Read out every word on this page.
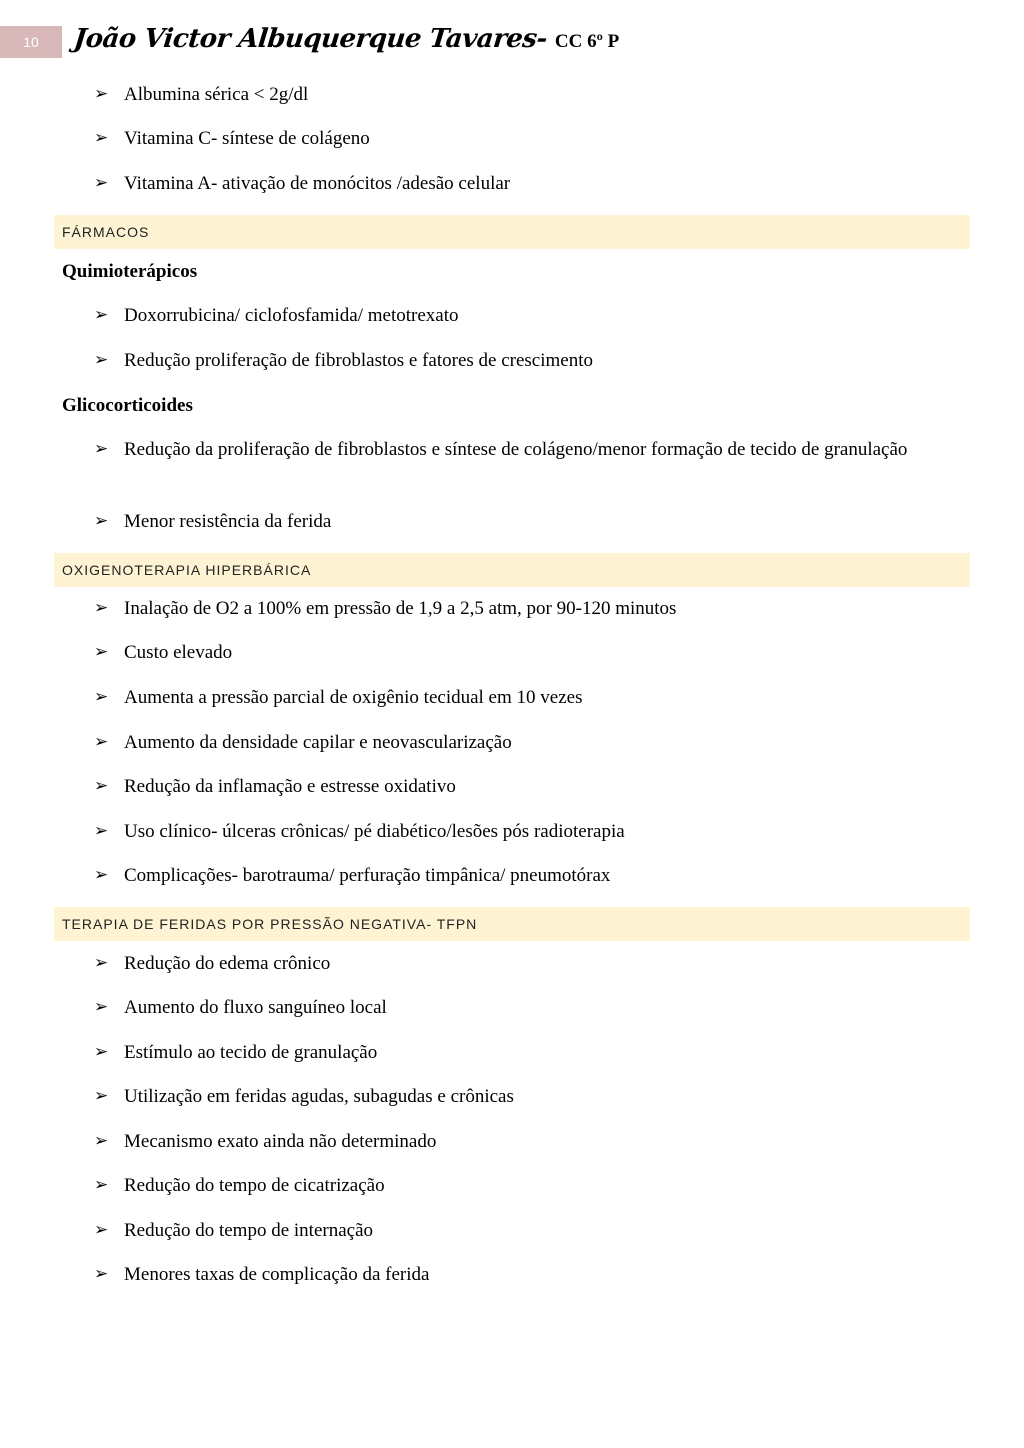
10	João Victor Albuquerque Tavares- CC 6º P
➢ Albumina sérica < 2g/dl
➢ Vitamina C- síntese de colágeno
➢ Vitamina A- ativação de monócitos /adesão celular
FÁRMACOS
Quimioterápicos
➢ Doxorrubicina/ ciclofosfamida/ metotrexato
➢ Redução proliferação de fibroblastos e fatores de crescimento
Glicocorticoides
➢ Redução da proliferação de fibroblastos e síntese de colágeno/menor formação de tecido de granulação
➢ Menor resistência da ferida
OXIGENOTERAPIA HIPERBÁRICA
➢ Inalação de O2 a 100% em pressão de 1,9 a 2,5 atm, por 90-120 minutos
➢ Custo elevado
➢ Aumenta a pressão parcial de oxigênio tecidual em 10 vezes
➢ Aumento da densidade capilar e neovascularização
➢ Redução da inflamação e estresse oxidativo
➢ Uso clínico- úlceras crônicas/ pé diabético/lesões pós radioterapia
➢ Complicações- barotrauma/ perfuração timpânica/ pneumotórax
TERAPIA DE FERIDAS POR PRESSÃO NEGATIVA- TFPN
➢ Redução do edema crônico
➢ Aumento do fluxo sanguíneo local
➢ Estímulo ao tecido de granulação
➢ Utilização em feridas agudas, subagudas e crônicas
➢ Mecanismo exato ainda não determinado
➢ Redução do tempo de cicatrização
➢ Redução do tempo de internação
➢ Menores taxas de complicação da ferida
